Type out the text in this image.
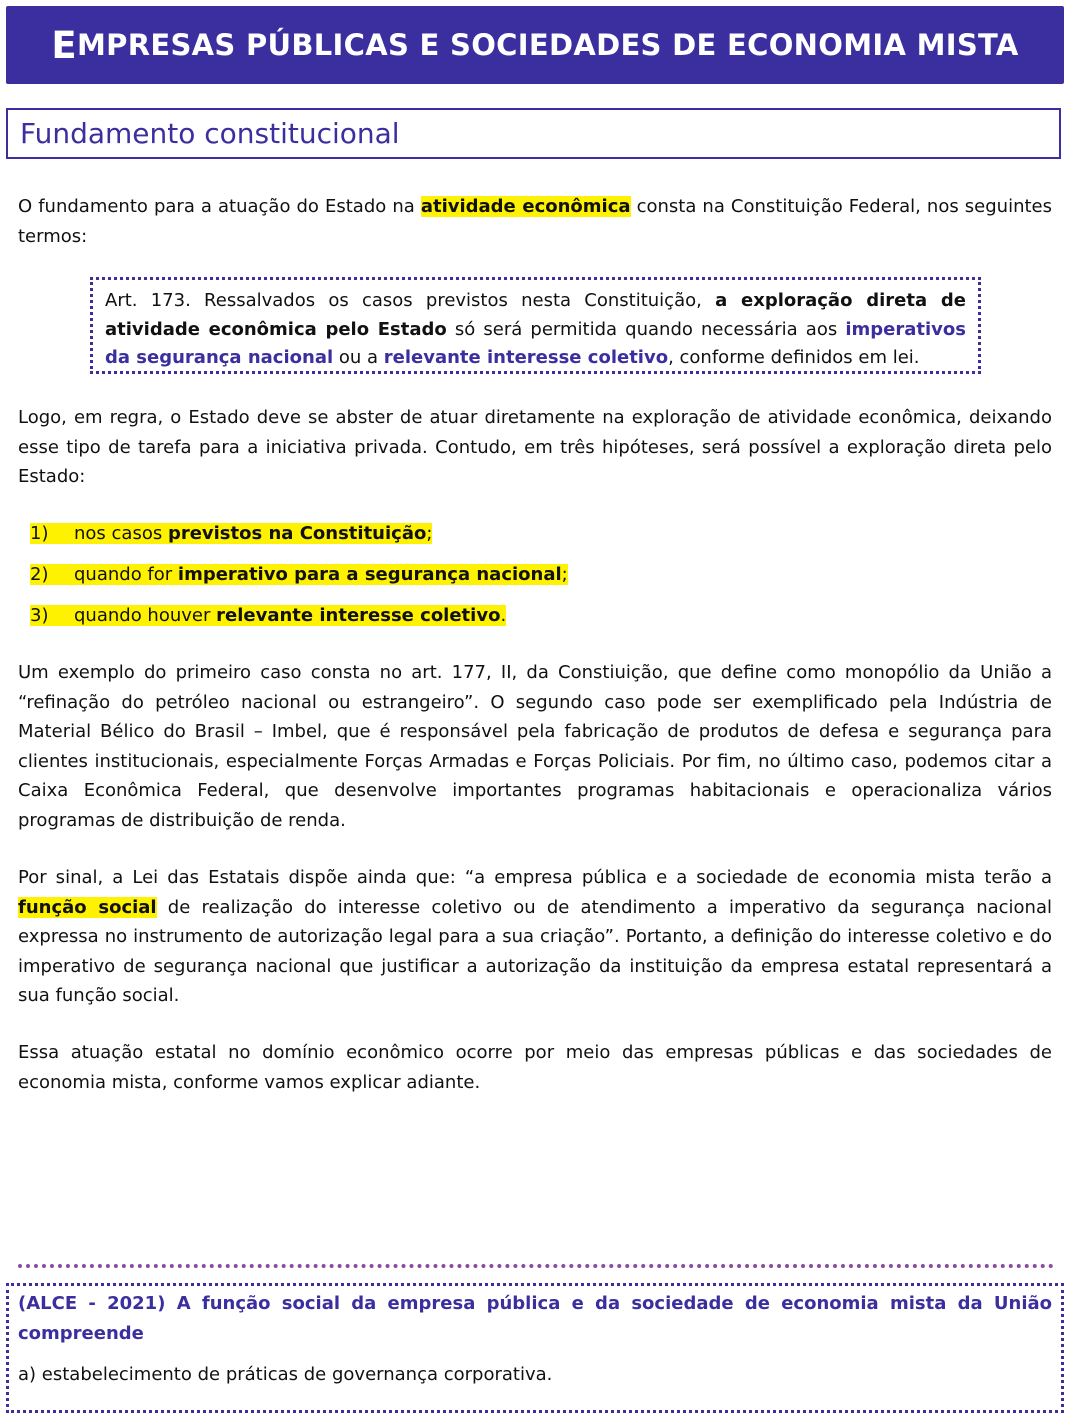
E MPRESAS PÚBLICAS E SOCIEDADES DE ECONOMIA MISTA
Fundamento constitucional
O fundamento para a atuação do Estado na atividade econômica consta na Constituição Federal, nos seguintes termos:
Art. 173. Ressalvados os casos previstos nesta Constituição, a exploração direta de atividade econômica pelo Estado só será permitida quando necessária aos imperativos da segurança nacional ou a relevante interesse coletivo, conforme definidos em lei.
Logo, em regra, o Estado deve se abster de atuar diretamente na exploração de atividade econômica, deixando esse tipo de tarefa para a iniciativa privada. Contudo, em três hipóteses, será possível a exploração direta pelo Estado:
1) nos casos previstos na Constituição;
2) quando for imperativo para a segurança nacional;
3) quando houver relevante interesse coletivo.
Um exemplo do primeiro caso consta no art. 177, II, da Constiuição, que define como monopólio da União a “refinação do petróleo nacional ou estrangeiro”. O segundo caso pode ser exemplificado pela Indústria de Material Bélico do Brasil – Imbel, que é responsável pela fabricação de produtos de defesa e segurança para clientes institucionais, especialmente Forças Armadas e Forças Policiais. Por fim, no último caso, podemos citar a Caixa Econômica Federal, que desenvolve importantes programas habitacionais e operacionaliza vários programas de distribuição de renda.
Por sinal, a Lei das Estatais dispõe ainda que: “a empresa pública e a sociedade de economia mista terão a função social de realização do interesse coletivo ou de atendimento a imperativo da segurança nacional expressa no instrumento de autorização legal para a sua criação”. Portanto, a definição do interesse coletivo e do imperativo de segurança nacional que justificar a autorização da instituição da empresa estatal representará a sua função social.
Essa atuação estatal no domínio econômico ocorre por meio das empresas públicas e das sociedades de economia mista, conforme vamos explicar adiante.
(ALCE - 2021) A função social da empresa pública e da sociedade de economia mista da União compreende
a) estabelecimento de práticas de governança corporativa.
